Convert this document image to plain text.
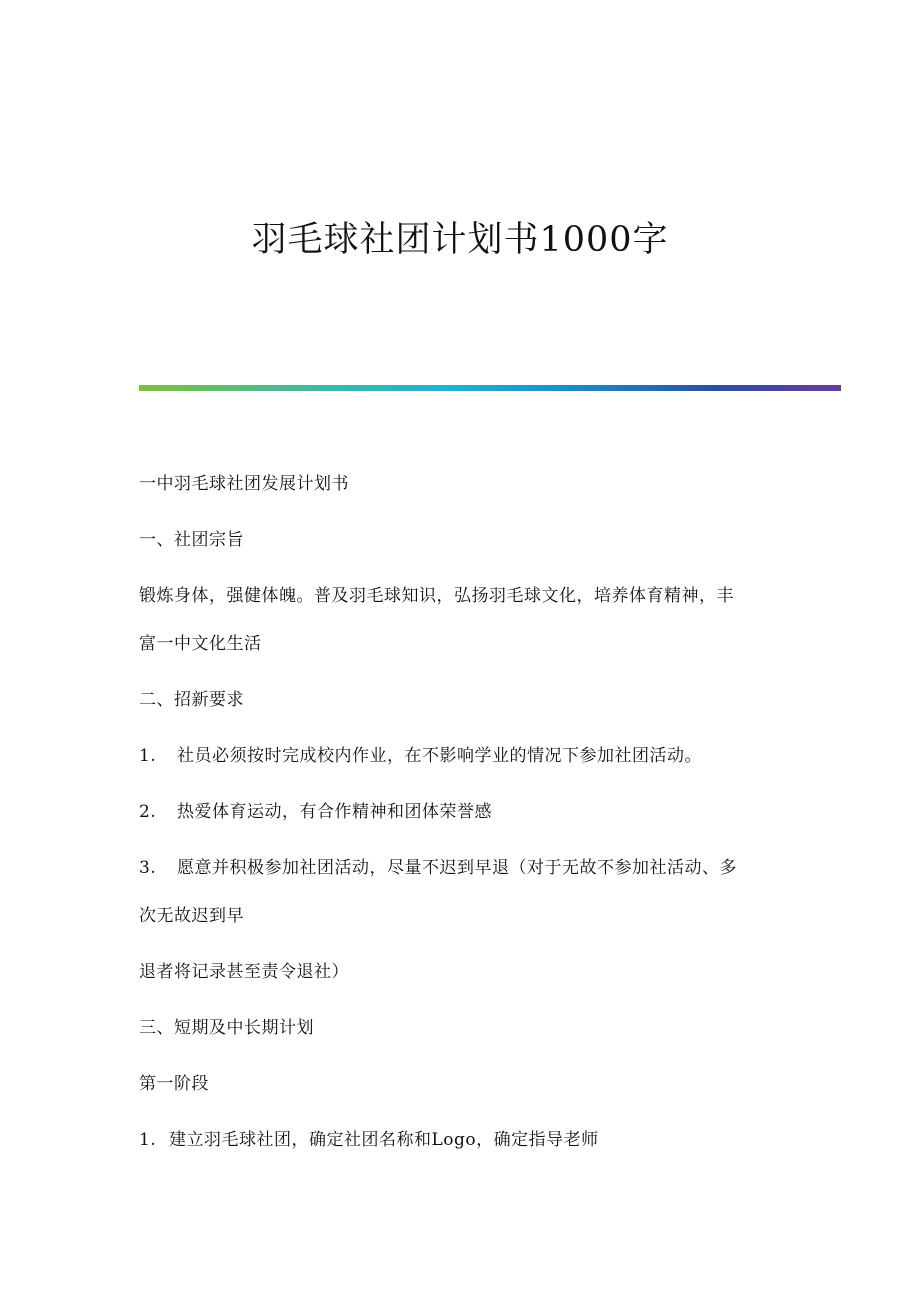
羽毛球社团计划书1000字
一中羽毛球社团发展计划书
一、社团宗旨
锻炼身体，强健体魄。普及羽毛球知识，弘扬羽毛球文化，培养体育精神，丰
富一中文化生活
二、招新要求
1. 社员必须按时完成校内作业，在不影响学业的情况下参加社团活动。
2. 热爱体育运动，有合作精神和团体荣誉感
3. 愿意并积极参加社团活动，尽量不迟到早退（对于无故不参加社活动、多
次无故迟到早
退者将记录甚至责令退社）
三、短期及中长期计划
第一阶段
1. 建立羽毛球社团，确定社团名称和Logo，确定指导老师
